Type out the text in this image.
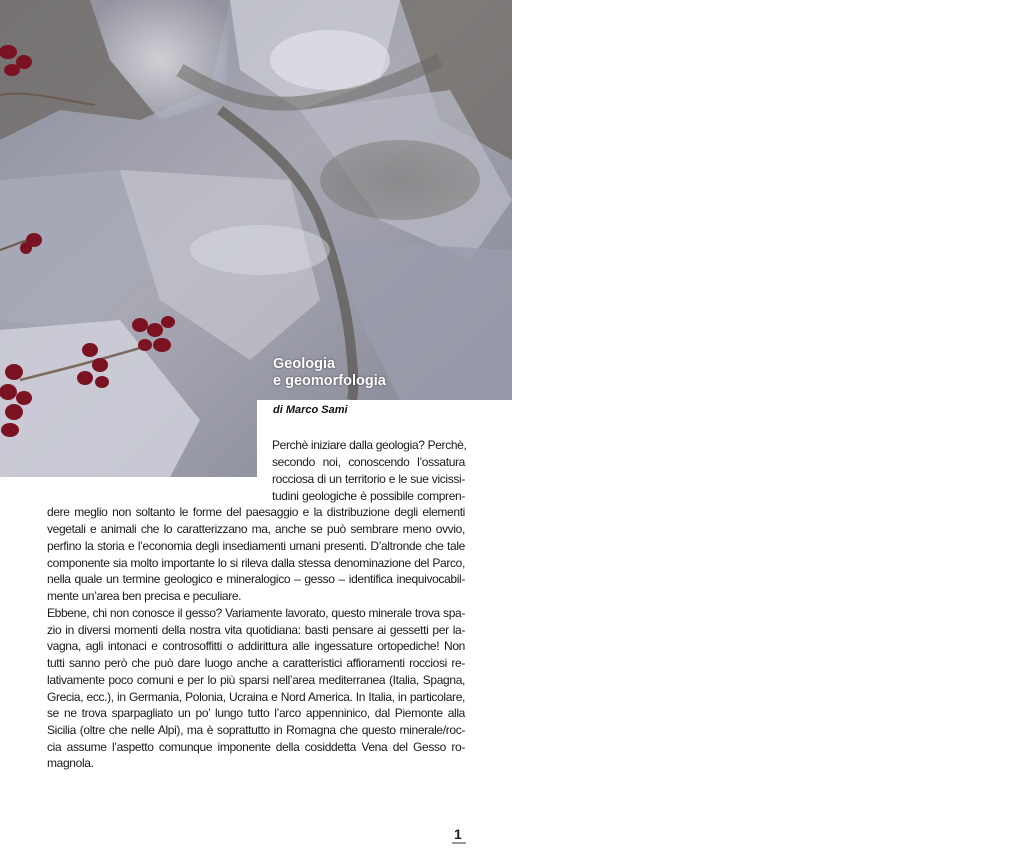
Geologia
e geomorfologia

di Marco Sami

Perchè iniziare dalla geologia? Perchè,
secondo noi, conoscendo l’ossatura
rocciosa di un territorio e le sue vicissi-
tudini geologiche è possibile compren-
dere meglio non soltanto le forme del paesaggio e la distribuzione degli elementi
vegetali e animali che lo caratterizzano ma, anche se può sembrare meno ovvio,
perfino la storia e l’economia degli insediamenti umani presenti. D’altronde che tale
componente sia molto importante lo si rileva dalla stessa denominazione del Parco,
nella quale un termine geologico e mineralogico – gesso – identifica inequivocabil-
mente un’area ben precisa e peculiare.
Ebbene, chi non conosce il gesso? Variamente lavorato, questo minerale trova spa-
zio in diversi momenti della nostra vita quotidiana: basti pensare ai gessetti per la-
vagna, agli intonaci e controsoffitti o addirittura alle ingessature ortopediche! Non
tutti sanno però che può dare luogo anche a caratteristici affioramenti rocciosi re-
lativamente poco comuni e per lo più sparsi nell’area mediterranea (Italia, Spagna,
Grecia, ecc.), in Germania, Polonia, Ucraina e Nord America. In Italia, in particolare,
se ne trova sparpagliato un po’ lungo tutto l’arco appenninico, dal Piemonte alla
Sicilia (oltre che nelle Alpi), ma è soprattutto in Romagna che questo minerale/roc-
cia assume l’aspetto comunque imponente della cosiddetta Vena del Gesso ro-
magnola.
1
